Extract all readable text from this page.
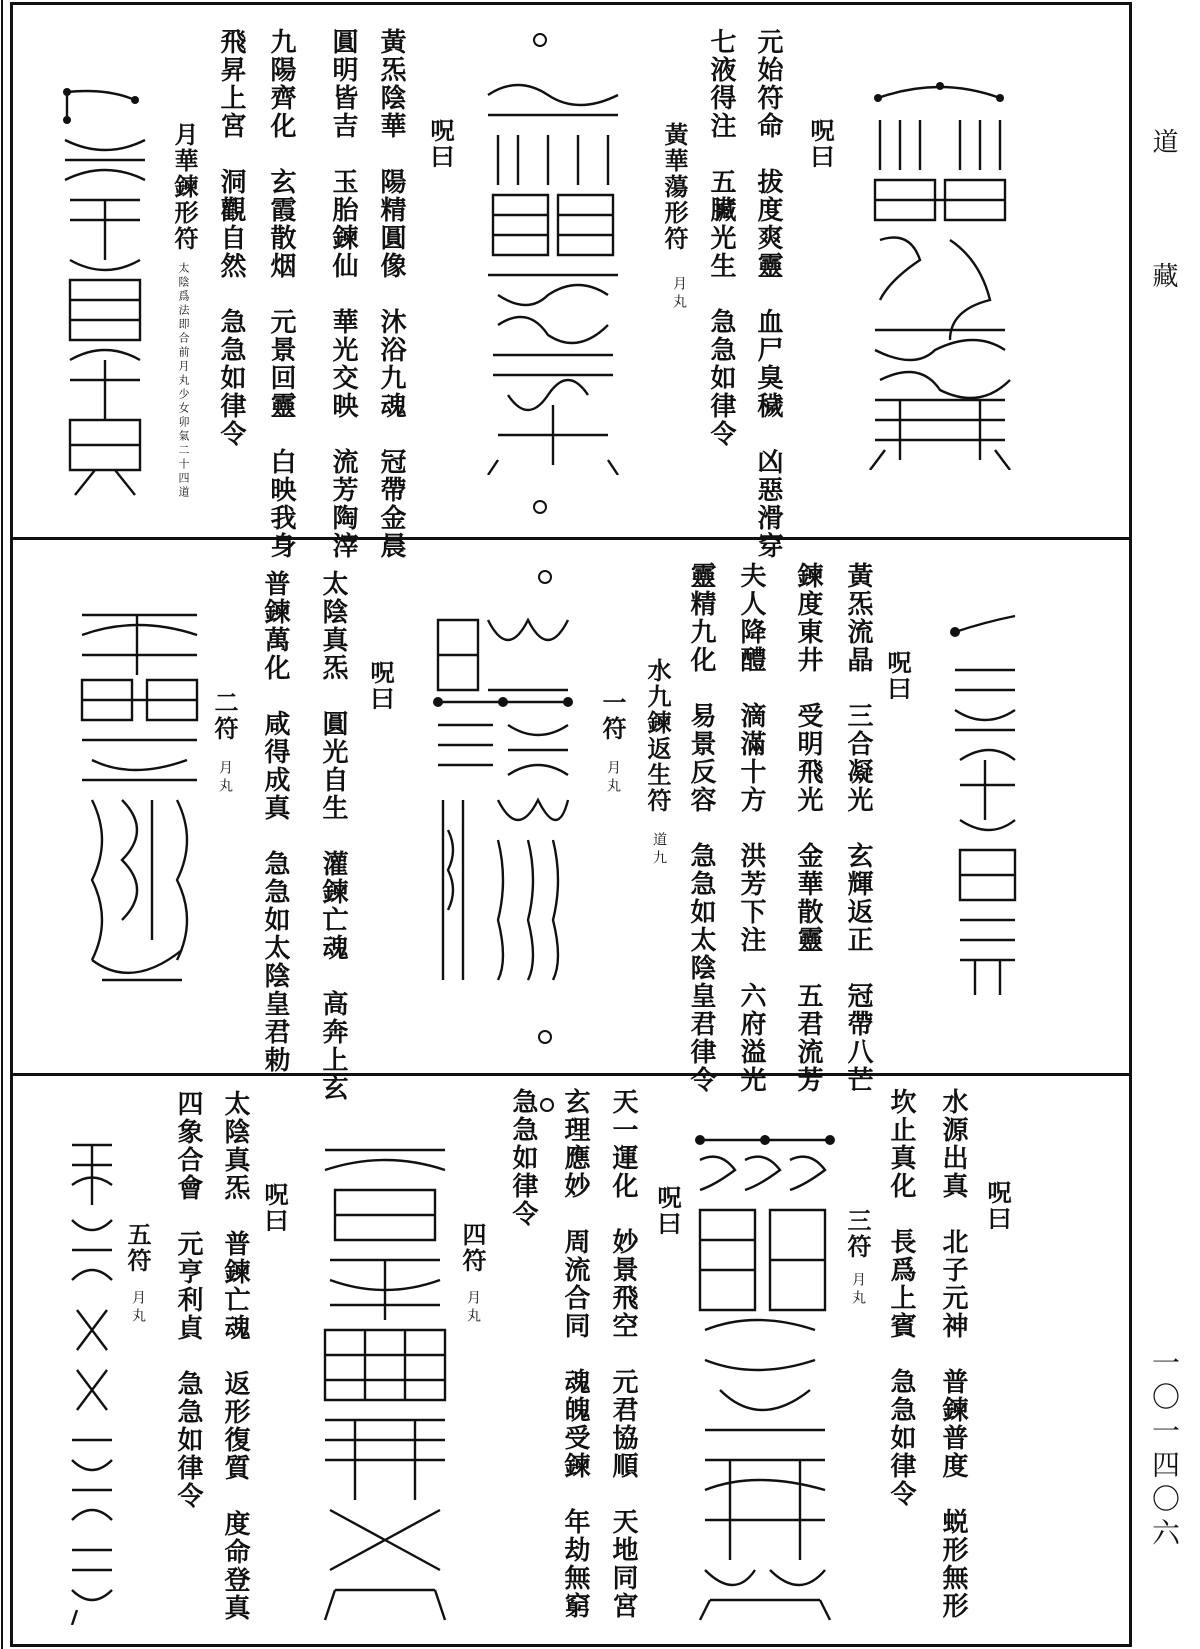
道
藏
一〇一四〇六
呪曰
元始符命　拔度爽靈　血尸臭穢　凶惡滑穿
七液得注　五臟光生　急急如律令
黃華蕩形符
月丸
呪曰
黃炁陰華　陽精圓像　沐浴九魂　冠帶金晨
圓明皆吉　玉胎鍊仙　華光交映　流芳陶滓
九陽齊化　玄霞散烟　元景回靈　白映我身
飛昇上宮　洞觀自然　急急如律令
月華鍊形符
太陰爲法即合前月丸少女卯氣二十四道
呪曰
黃炁流晶　三合凝光　玄輝返正　冠帶八芒
鍊度東井　受明飛光　金華散靈　五君流芳
夫人降醴　滴滿十方　洪芳下注　六府溢光
靈精九化　易景反容　急急如太陰皇君律令
水九鍊返生符
道九
一符
月丸
呪曰
太陰真炁　圓光自生　灌鍊亡魂　高奔上玄
普鍊萬化　咸得成真　急急如太陰皇君勅
二符
月丸
呪曰
水源出真　北子元神　普鍊普度　蜕形無形
坎止真化　長爲上賓　急急如律令
三符
月丸
呪曰
天一運化　妙景飛空　元君協順　天地同宮
玄理應妙　周流合同　魂魄受鍊　年劫無窮
急急如律令
四符
月丸
呪曰
太陰真炁　普鍊亡魂　返形復質　度命登真
四象合會　元亨利貞　急急如律令
五符
月丸
